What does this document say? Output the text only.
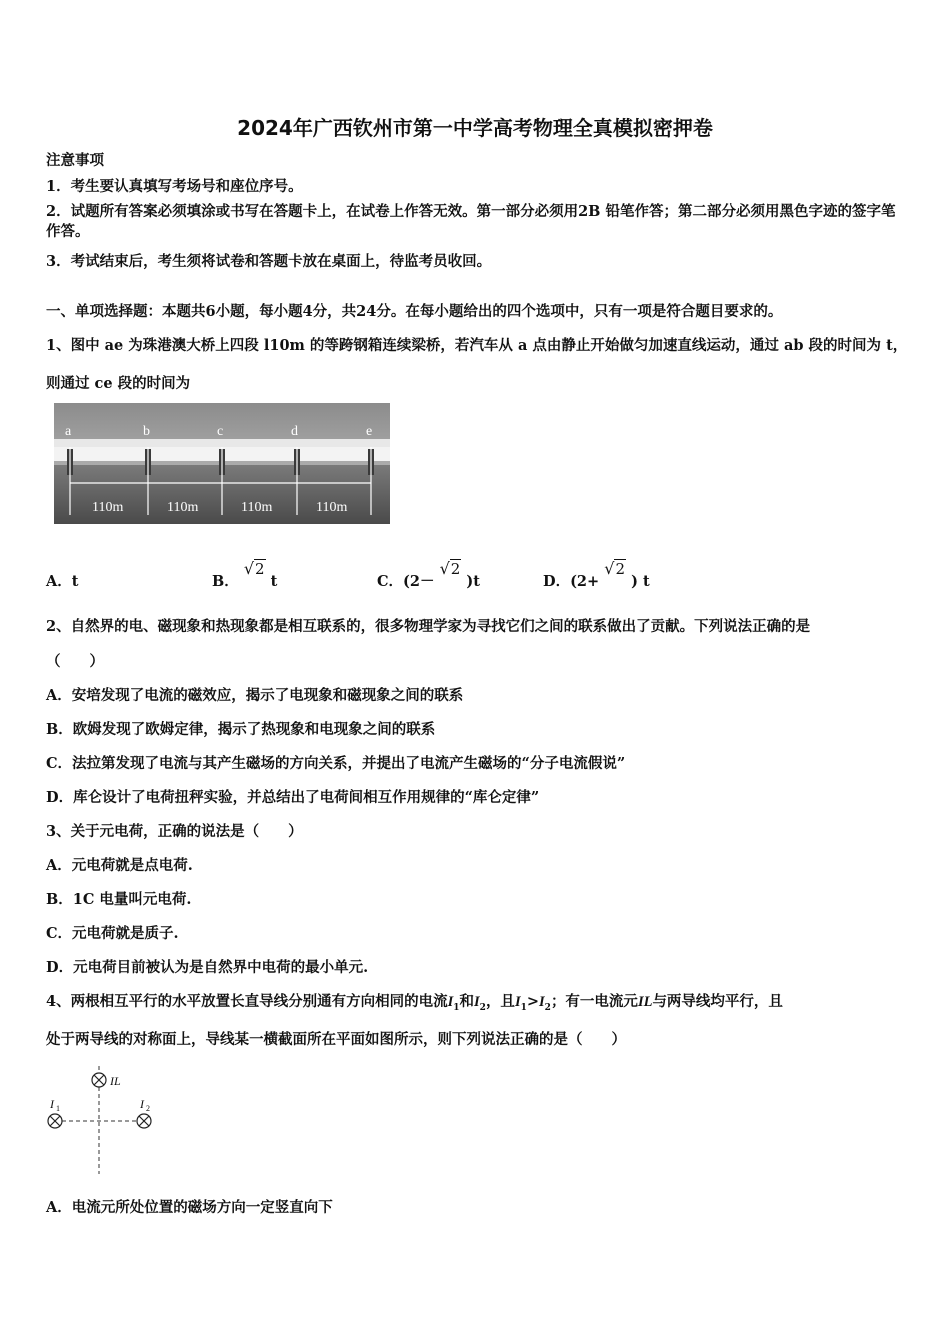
2024年广西钦州市第一中学高考物理全真模拟密押卷
注意事项
1．考生要认真填写考场号和座位序号。
2．试题所有答案必须填涂或书写在答题卡上，在试卷上作答无效。第一部分必须用2B 铅笔作答；第二部分必须用黑色字迹的签字笔作答。
3．考试结束后，考生须将试卷和答题卡放在桌面上，待监考员收回。
一、单项选择题：本题共6小题，每小题4分，共24分。在每小题给出的四个选项中，只有一项是符合题目要求的。
1、图中 ae 为珠港澳大桥上四段 l10m 的等跨钢箱连续梁桥，若汽车从 a 点由静止开始做匀加速直线运动，通过 ab 段的时间为 t，则通过 ce 段的时间为
a	b	c	d	e
110m	110m	110m	110m
A．t	B． √2 t	C．(2－ √2 )t	D．(2+ √2 ) t
2、自然界的电、磁现象和热现象都是相互联系的，很多物理学家为寻找它们之间的联系做出了贡献。下列说法正确的是
（　　）
A．安培发现了电流的磁效应，揭示了电现象和磁现象之间的联系
B．欧姆发现了欧姆定律，揭示了热现象和电现象之间的联系
C．法拉第发现了电流与其产生磁场的方向关系，并提出了电流产生磁场的“分子电流假说”
D．库仑设计了电荷扭秤实验，并总结出了电荷间相互作用规律的“库仑定律”
3、关于元电荷，正确的说法是（　　）
A．元电荷就是点电荷.
B．1C 电量叫元电荷.
C．元电荷就是质子.
D．元电荷目前被认为是自然界中电荷的最小单元.
4、两根相互平行的水平放置长直导线分别通有方向相同的电流$I_1$和$I_2$，且$I_1>I_2$；有一电流元IL与两导线均平行，且
处于两导线的对称面上，导线某一横截面所在平面如图所示，则下列说法正确的是（　　）
IL
I 1	I 2
A．电流元所处位置的磁场方向一定竖直向下
